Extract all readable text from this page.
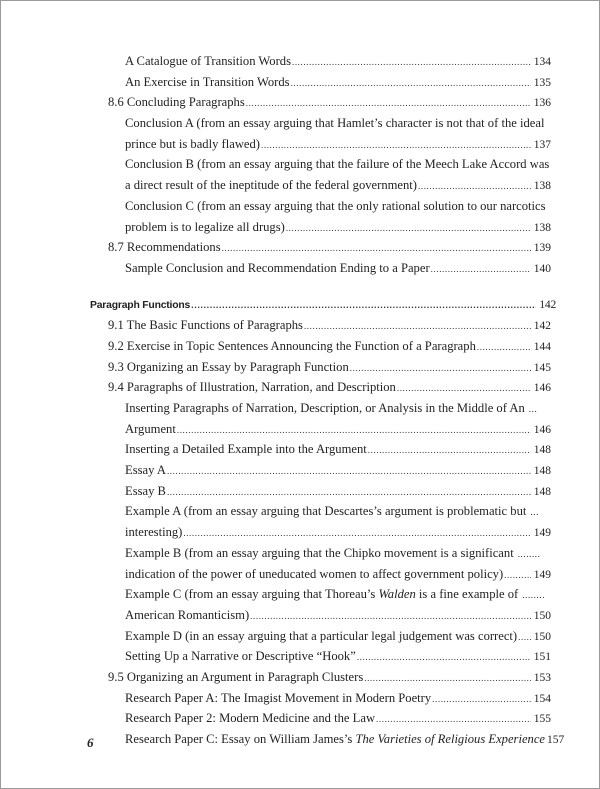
A Catalogue of Transition Words .....	134
An Exercise in Transition Words .....	135
8.6 Concluding Paragraphs .....	136
Conclusion A (from an essay arguing that Hamlet’s character is not that of the ideal
prince but is badly flawed) .....	137
Conclusion B (from an essay arguing that the failure of the Meech Lake Accord was
a direct result of the ineptitude of the federal government) .....	138
Conclusion C (from an essay arguing that the only rational solution to our narcotics
problem is to legalize all drugs) .....	138
8.7 Recommendations .....	139
Sample Conclusion and Recommendation Ending to a Paper .....	140
Paragraph Functions .....	142
9.1 The Basic Functions of Paragraphs .....	142
9.2 Exercise in Topic Sentences Announcing the Function of a Paragraph .....	144
9.3 Organizing an Essay by Paragraph Function .....	145
9.4 Paragraphs of Illustration, Narration, and Description .....	146
Inserting Paragraphs of Narration, Description, or Analysis in the Middle of An ...
Argument .....	146
Inserting a Detailed Example into the Argument .....	148
Essay A .....	148
Essay B .....	148
Example A (from an essay arguing that Descartes’s argument is problematic but ...
interesting) .....	149
Example B (from an essay arguing that the Chipko movement is a significant ........
indication of the power of uneducated women to affect government policy) .....	149
Example C (from an essay arguing that Thoreau’s Walden is a fine example of ........
American Romanticism) .....	150
Example D (in an essay arguing that a particular legal judgement was correct) ..... 150
Setting Up a Narrative or Descriptive “Hook” .....	151
9.5 Organizing an Argument in Paragraph Clusters .....	153
Research Paper A: The Imagist Movement in Modern Poetry .....	154
Research Paper 2: Modern Medicine and the Law .....	155
Research Paper C: Essay on William James’s The Varieties of Religious Experience 157
6
